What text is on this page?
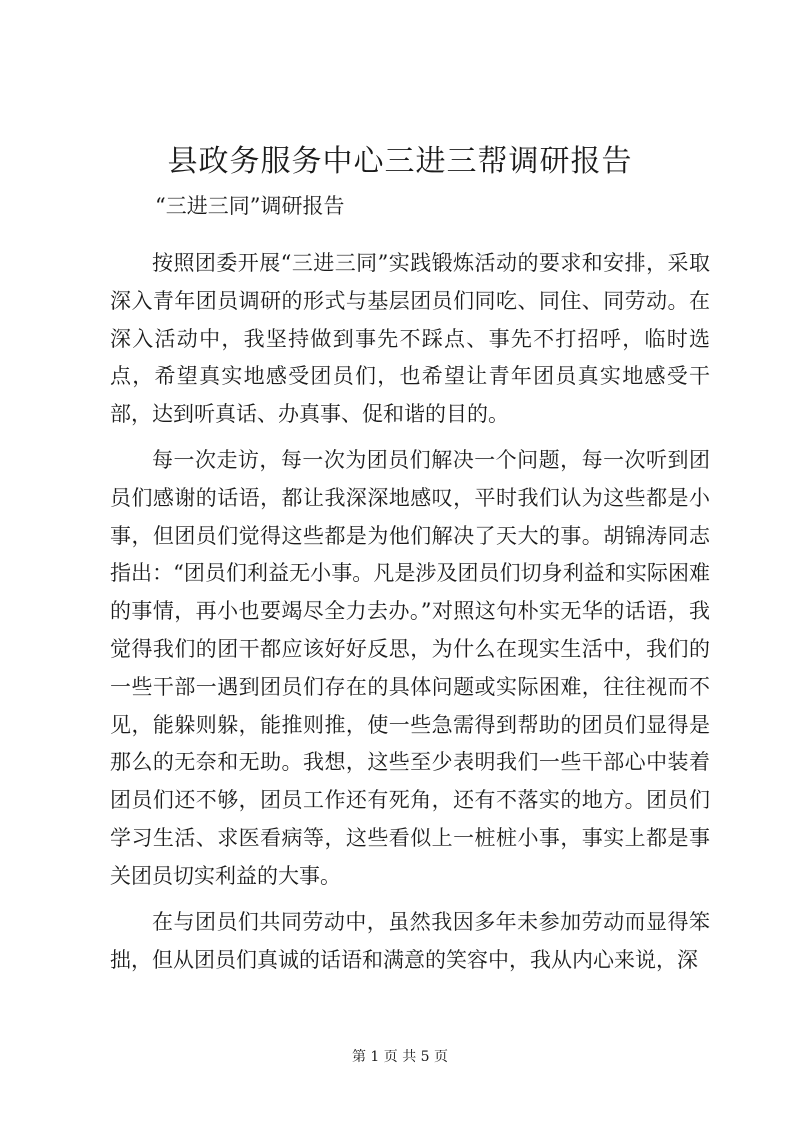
县政务服务中心三进三帮调研报告
“三进三同”调研报告

按照团委开展“三进三同”实践锻炼活动的要求和安排，采取深入青年团员调研的形式与基层团员们同吃、同住、同劳动。在深入活动中，我坚持做到事先不踩点、事先不打招呼，临时选点，希望真实地感受团员们，也希望让青年团员真实地感受干部，达到听真话、办真事、促和谐的目的。

每一次走访，每一次为团员们解决一个问题，每一次听到团员们感谢的话语，都让我深深地感叹，平时我们认为这些都是小事，但团员们觉得这些都是为他们解决了天大的事。胡锦涛同志指出：“团员们利益无小事。凡是涉及团员们切身利益和实际困难的事情，再小也要竭尽全力去办。”对照这句朴实无华的话语，我觉得我们的团干都应该好好反思，为什么在现实生活中，我们的一些干部一遇到团员们存在的具体问题或实际困难，往往视而不见，能躲则躲，能推则推，使一些急需得到帮助的团员们显得是那么的无奈和无助。我想，这些至少表明我们一些干部心中装着团员们还不够，团员工作还有死角，还有不落实的地方。团员们学习生活、求医看病等，这些看似上一桩桩小事，事实上都是事关团员切实利益的大事。

在与团员们共同劳动中，虽然我因多年未参加劳动而显得笨拙，但从团员们真诚的话语和满意的笑容中，我从内心来说，深

第 1 页 共 5 页
